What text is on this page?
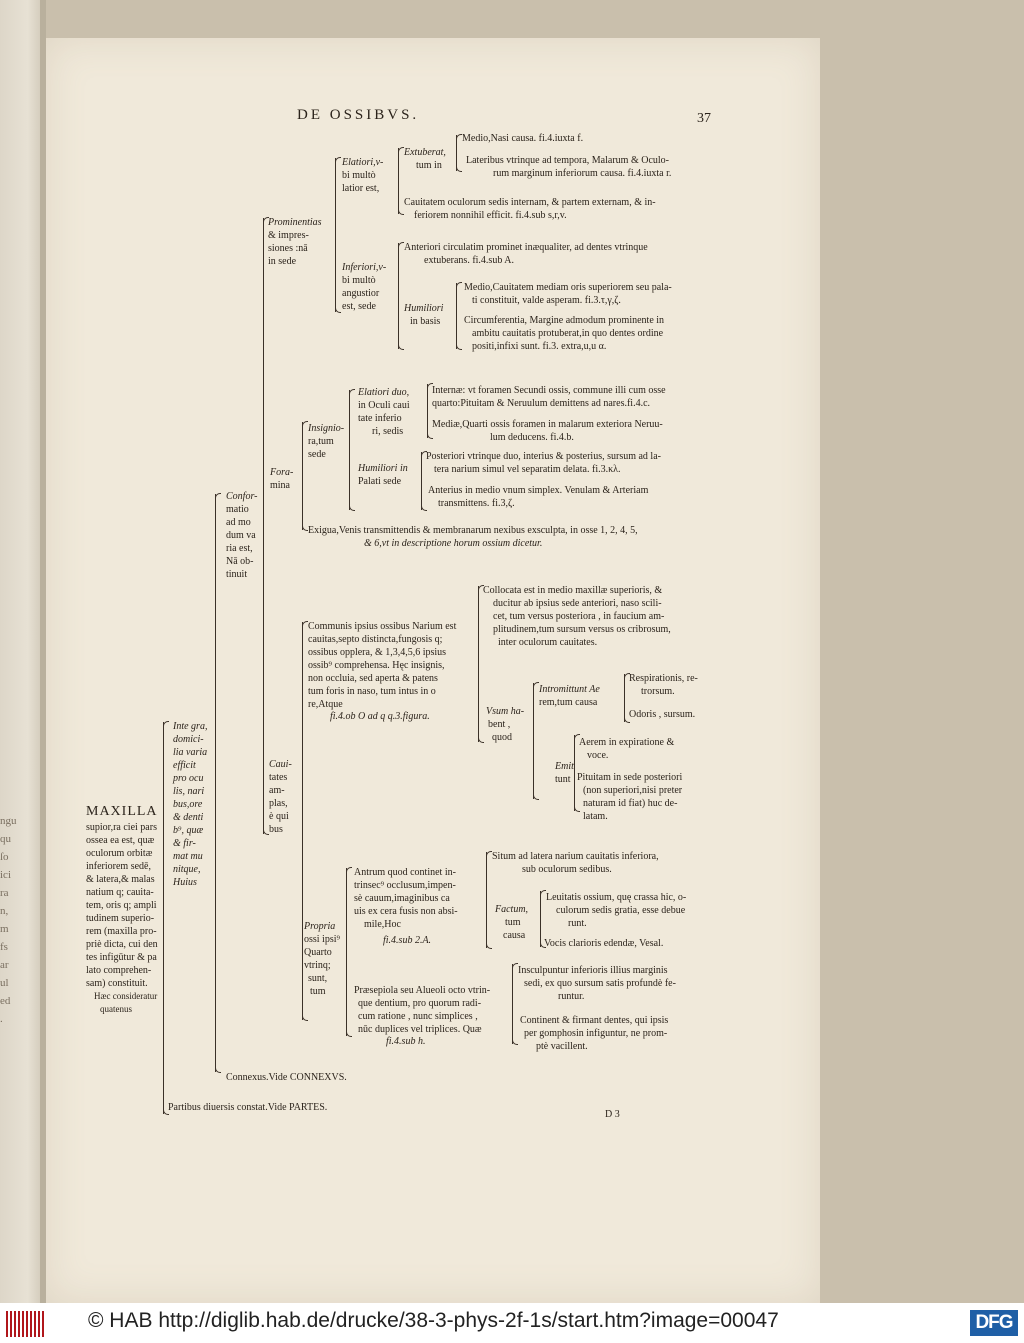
ngu
qu
ſo
ici
ra
n,
m
fs
ar
ul
ed
.
DE OSSIBVS.	37
MAXILLA
supior,ra ciei pars
ossea ea est, quæ
oculorum orbitæ
inferiorem sedē,
& latera,& malas
natium q; cauita-
tem, oris q; ampli
tudinem superio-
rem (maxilla pro-
priè dicta, cui den
tes infigūtur & pa
lato comprehen-
sam) constituit.
Hæc consideratur
quatenus
Inte gra,
domici-
lia varia
efficit
pro ocu
lis, nari
bus,ore
& denti
b⁹, quæ
& fir-
mat mu
nitque,
Huius
Confor-
matio
ad mo
dum va
ria est,
Nā ob-
tinuit
Prominentias
& impres-
siones :nā
in sede
Elatiori,v-
bi multò
latior est,
Extuberat,
tum in
Medio,Nasi causa. fi.4.iuxta f.
Lateribus vtrinque ad tempora, Malarum & Oculo-
rum marginum inferiorum causa. fi.4.iuxta r.
Cauitatem oculorum sedis internam, & partem externam, & in-
feriorem nonnihil efficit. fi.4.sub s,r,v.
Inferiori,v-
bi multò
angustior
est, sede
Anteriori circulatim prominet inæqualiter, ad dentes vtrinque
extuberans. fi.4.sub A.
Humiliori
in basis
Medio,Cauitatem mediam oris superiorem seu pala-
ti constituit, valde asperam. fi.3.τ,γ,ζ.
Circumferentia, Margine admodum prominente in
ambitu cauitatis protuberat,in quo dentes ordine
positi,infixi sunt. fi.3. extra,u,u α.
Fora-
mina
Insignio-
ra,tum
sede
Elatiori duo,
in Oculi caui
tate inferio
ri, sedis
Internæ: vt foramen Secundi ossis, commune illi cum osse
quarto:Pituitam & Neruulum demittens ad nares.fi.4.c.
Mediæ,Quarti ossis foramen in malarum exteriora Neruu-
lum deducens. fi.4.b.
Humiliori in
Palati sede
Posteriori vtrinque duo, interius & posterius, sursum ad la-
tera narium simul vel separatim delata. fi.3.κλ.
Anterius in medio vnum simplex. Venulam & Arteriam
transmittens. fi.3,ζ.
Exigua,Venis transmittendis & membranarum nexibus exsculpta, in osse 1, 2, 4, 5,
& 6,vt in descriptione horum ossium dicetur.
Caui-
tates
am-
plas,
è qui
bus
Communis ipsius ossibus Narium est
cauitas,septo distincta,fungosis q;
ossibus opplera, & 1,3,4,5,6 ipsius
ossib⁹ comprehensa. Hęc insignis,
non occluia, sed aperta & patens
tum foris in naso, tum intus in o
re,Atque
fi.4.ob O ad q q.3.figura.
Collocata est in medio maxillæ superioris, &
ducitur ab ipsius sede anteriori, naso scili-
cet, tum versus posteriora , in faucium am-
plitudinem,tum sursum versus os cribrosum,
inter oculorum cauitates.
Vsum ha-
bent ,
quod
Intromittunt Ae
rem,tum causa
Respirationis, re-
trorsum.
Odoris , sursum.
Emit
tunt
Aerem in expiratione &
voce.
Pituitam in sede posteriori
(non superiori,nisi preter
naturam id fiat) huc de-
latam.
Propria
ossi ipsi⁹
Quarto
vtrinq;
sunt,
tum
Antrum quod continet in-
trinsec⁹ occlusum,impen-
sè cauum,imaginibus ca
uis ex cera fusis non absi-
mile,Hoc
fi.4.sub 2.A.
Situm ad latera narium cauitatis inferiora,
sub oculorum sedibus.
Factum,
tum
causa
Leuitatis ossium, quę crassa hic, o-
culorum sedis gratia, esse debue
runt.
Vocis clarioris edendæ, Vesal.
Præsepiola seu Alueoli octo vtrin-
que dentium, pro quorum radi-
cum ratione , nunc simplices ,
nūc duplices vel triplices. Quæ
fi.4.sub h.
Insculpuntur inferioris illius marginis
sedi, ex quo sursum satis profundè fe-
runtur.
Continent & firmant dentes, qui ipsis
per gomphosin infiguntur, ne prom-
ptè vacillent.
Connexus.Vide CONNEXVS.
Partibus diuersis constat.Vide PARTES.
D 3
© HAB http://diglib.hab.de/drucke/38-3-phys-2f-1s/start.htm?image=00047	DFG
